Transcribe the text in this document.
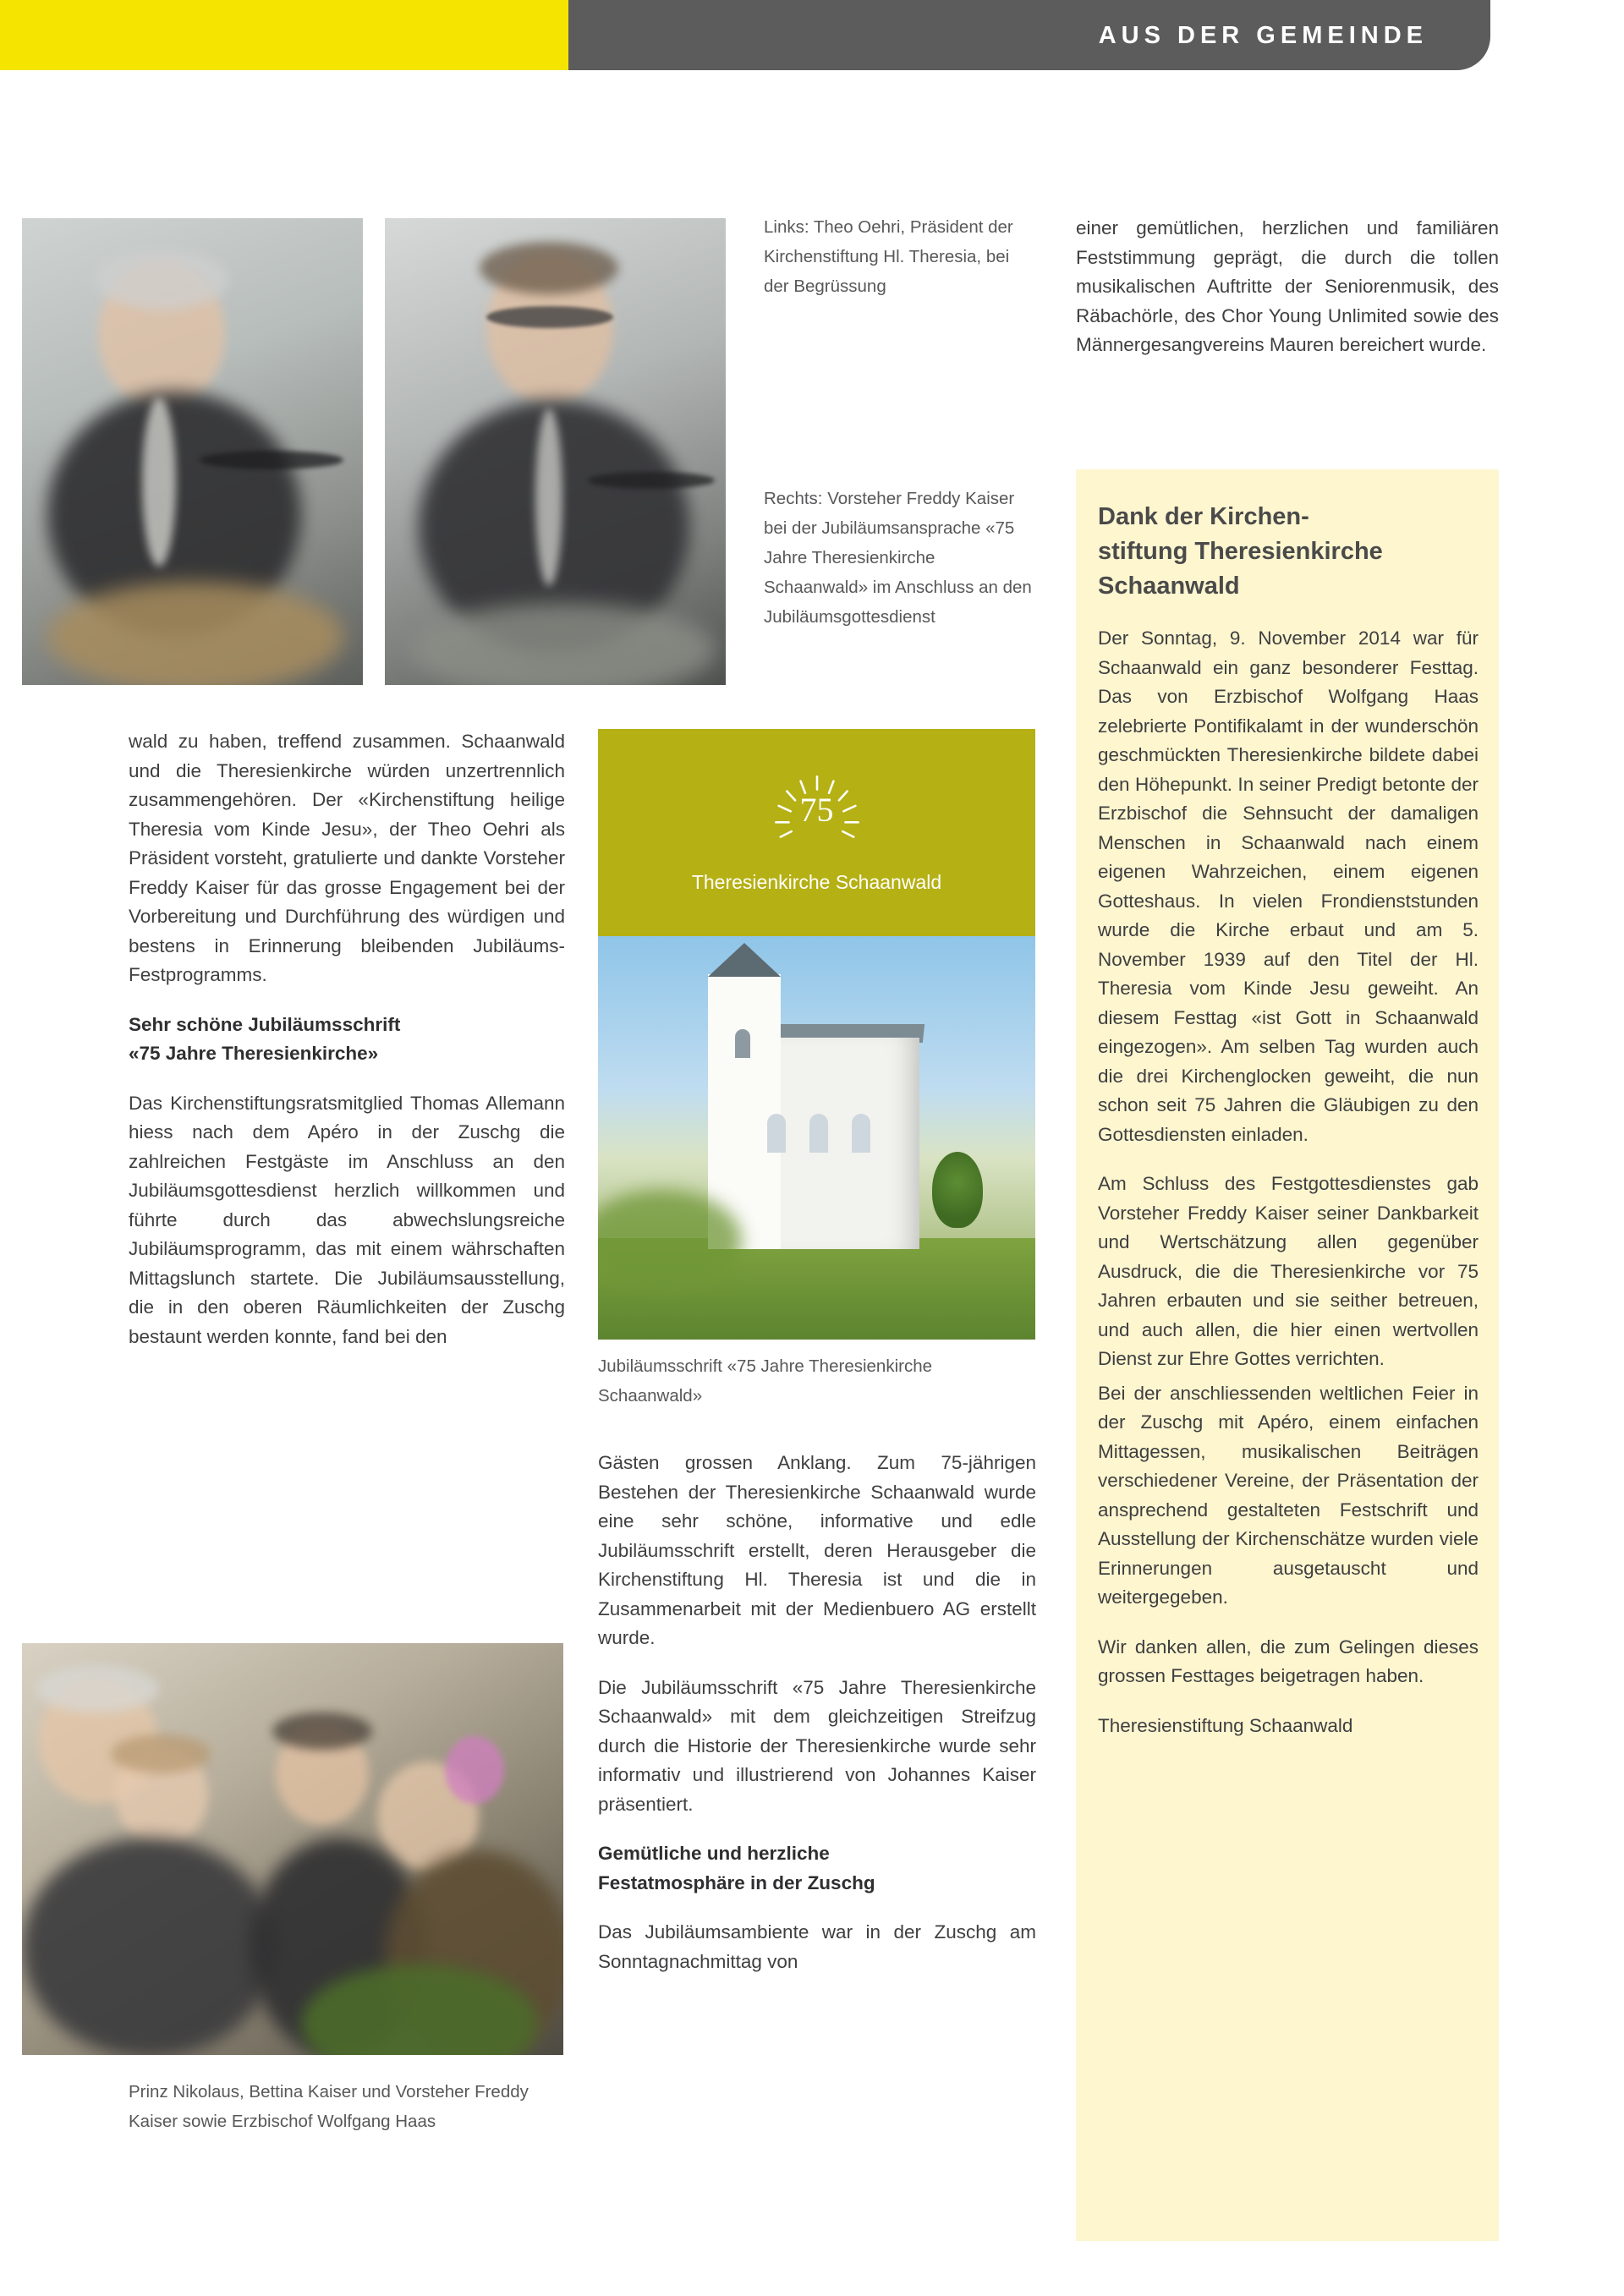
AUS DER GEMEINDE
Links: Theo Oehri, Präsident der Kirchenstiftung Hl. Theresia, bei der Begrüssung
Rechts: Vorsteher Freddy Kaiser bei der Jubiläumsansprache «75 Jahre Theresienkirche Schaanwald» im Anschluss an den Jubiläumsgottesdienst
einer gemütlichen, herzlichen und familiären Feststimmung geprägt, die durch die tollen musikalischen Auftritte der Seniorenmusik, des Räbachörle, des Chor Young Unlimited sowie des Männergesangvereins Mauren bereichert wurde.
Dank der Kirchen-
stiftung Theresienkirche
Schaanwald

Der Sonntag, 9. November 2014 war für Schaanwald ein ganz besonderer Festtag. Das von Erzbischof Wolfgang Haas zelebrierte Pontifikalamt in der wunderschön geschmückten Theresienkirche bildete dabei den Höhepunkt. In seiner Predigt betonte der Erzbischof die Sehnsucht der damaligen Menschen in Schaanwald nach einem eigenen Wahrzeichen, einem eigenen Gotteshaus. In vielen Frondienststunden wurde die Kirche erbaut und am 5. November 1939 auf den Titel der Hl. Theresia vom Kinde Jesu geweiht. An diesem Festtag «ist Gott in Schaanwald eingezogen». Am selben Tag wurden auch die drei Kirchenglocken geweiht, die nun schon seit 75 Jahren die Gläubigen zu den Gottesdiensten einladen.

Am Schluss des Festgottesdienstes gab Vorsteher Freddy Kaiser seiner Dankbarkeit und Wertschätzung allen gegenüber Ausdruck, die die Theresienkirche vor 75 Jahren erbauten und sie seither betreuen, und auch allen, die hier einen wertvollen Dienst zur Ehre Gottes verrichten.

Bei der anschliessenden weltlichen Feier in der Zuschg mit Apéro, einem einfachen Mittagessen, musikalischen Beiträgen verschiedener Vereine, der Präsentation der ansprechend gestalteten Festschrift und Ausstellung der Kirchenschätze wurden viele Erinnerungen ausgetauscht und weitergegeben.

Wir danken allen, die zum Gelingen dieses grossen Festtages beigetragen haben.

Theresienstiftung Schaanwald

wald zu haben, treffend zusammen. Schaanwald und die Theresienkirche würden unzertrennlich zusammengehören. Der «Kirchenstiftung heilige Theresia vom Kinde Jesu», der Theo Oehri als Präsident vorsteht, gratulierte und dankte Vorsteher Freddy Kaiser für das grosse Engagement bei der Vorbereitung und Durchführung des würdigen und bestens in Erinnerung bleibenden Jubiläums-Festprogramms.

Sehr schöne Jubiläumsschrift
«75 Jahre Theresienkirche»

Das Kirchenstiftungsratsmitglied Thomas Allemann hiess nach dem Apéro in der Zuschg die zahlreichen Festgäste im Anschluss an den Jubiläumsgottesdienst herzlich willkommen und führte durch das abwechslungsreiche Jubiläumsprogramm, das mit einem währschaften Mittagslunch startete. Die Jubiläumsausstellung, die in den oberen Räumlichkeiten der Zuschg bestaunt werden konnte, fand bei den

75
Theresienkirche Schaanwald
Jubiläumsschrift «75 Jahre Theresienkirche Schaanwald»

Gästen grossen Anklang. Zum 75-jährigen Bestehen der Theresienkirche Schaanwald wurde eine sehr schöne, informative und edle Jubiläumsschrift erstellt, deren Herausgeber die Kirchenstiftung Hl. Theresia ist und die in Zusammenarbeit mit der Medienbuero AG erstellt wurde.

Die Jubiläumsschrift «75 Jahre Theresienkirche Schaanwald» mit dem gleichzeitigen Streifzug durch die Historie der Theresienkirche wurde sehr informativ und illustrierend von Johannes Kaiser präsentiert.

Gemütliche und herzliche
Festatmosphäre in der Zuschg

Das Jubiläumsambiente war in der Zuschg am Sonntagnachmittag von

Prinz Nikolaus, Bettina Kaiser und Vorsteher Freddy Kaiser sowie Erzbischof Wolfgang Haas
43
